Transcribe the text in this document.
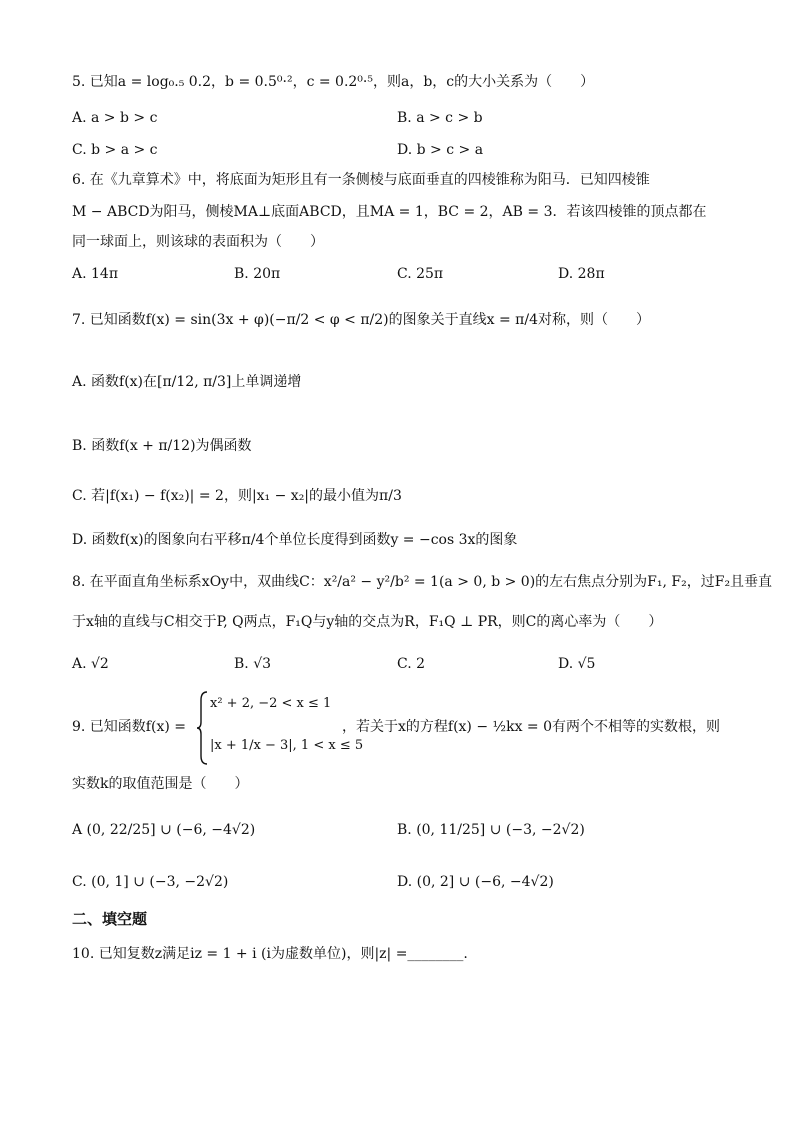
5. 已知a = log₀.₅ 0.2，b = 0.5⁰·²，c = 0.2⁰·⁵，则a，b，c的大小关系为（　　）
A. a > b > c	B. a > c > b
C. b > a > c	D. b > c > a
6. 在《九章算术》中，将底面为矩形且有一条侧棱与底面垂直的四棱锥称为阳马．已知四棱锥
M − ABCD为阳马，侧棱MA⊥底面ABCD，且MA = 1，BC = 2，AB = 3．若该四棱锥的顶点都在
同一球面上，则该球的表面积为（　　）
A. 14π	B. 20π	C. 25π	D. 28π
7. 已知函数f(x) = sin(3x + φ)(−π/2 < φ < π/2)的图象关于直线x = π/4对称，则（　　）
A. 函数f(x)在[π/12, π/3]上单调递增
B. 函数f(x + π/12)为偶函数
C. 若|f(x₁) − f(x₂)| = 2，则|x₁ − x₂|的最小值为π/3
D. 函数f(x)的图象向右平移π/4个单位长度得到函数y = −cos 3x的图象
8. 在平面直角坐标系xOy中，双曲线C：x²/a² − y²/b² = 1(a > 0, b > 0)的左右焦点分别为F₁, F₂，过F₂且垂直
于x轴的直线与C相交于P, Q两点，F₁Q与y轴的交点为R，F₁Q ⊥ PR，则C的离心率为（　　）
A. √2	B. √3	C. 2	D. √5
9. 已知函数f(x) =
x² + 2, −2 < x ≤ 1
|x + 1/x − 3|, 1 < x ≤ 5
，若关于x的方程f(x) − ½kx = 0有两个不相等的实数根，则
实数k的取值范围是（　　）
A (0, 22/25] ∪ (−6, −4√2)	B. (0, 11/25] ∪ (−3, −2√2)
C. (0, 1] ∪ (−3, −2√2)	D. (0, 2] ∪ (−6, −4√2)
二、填空题
10. 已知复数z满足iz = 1 + i (i为虚数单位)，则|z| =________.
